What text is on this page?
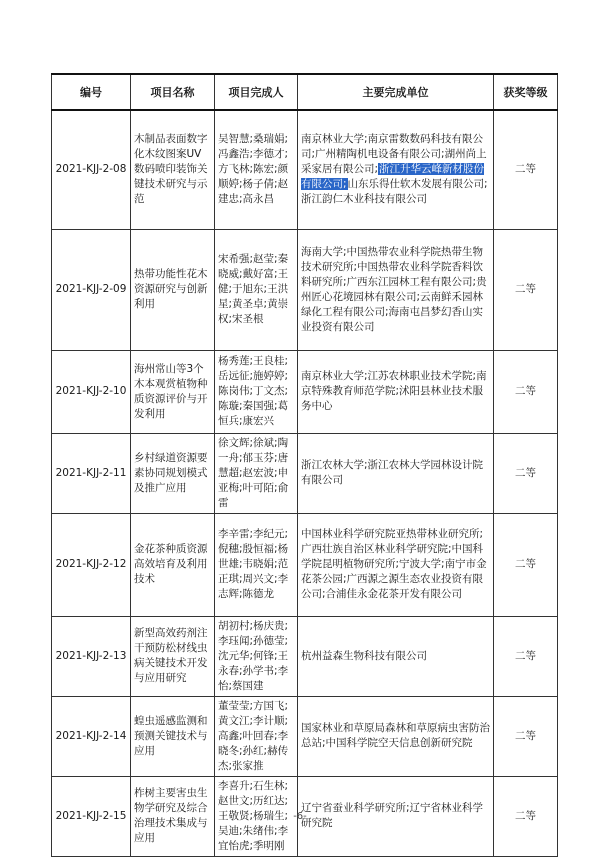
编号	项目名称	项目完成人	主要完成单位	获奖等级
2021-KJJ-2-08	木制品表面数字化木纹图案UV数码喷印装饰关键技术研究与示范	吴智慧;桑瑞娟;冯鑫浩;李德才;方飞林;陈宏;颜顺婷;杨子倩;赵建忠;高永昌	南京林业大学;南京雷数数码科技有限公司;广州精陶机电设备有限公司;湖州尚上采家居有限公司;浙江升华云峰新材股份有限公司;山东乐得仕软木发展有限公司;浙江韵仁木业科技有限公司	二等
2021-KJJ-2-09	热带功能性花木资源研究与创新利用	宋希强;赵莹;秦晓威;戴好富;王健;于旭东;王洪星;黄圣卓;黄崇权;宋圣根	海南大学;中国热带农业科学院热带生物技术研究所;中国热带农业科学院香料饮料研究所;广西东江园林工程有限公司;贵州匠心花境园林有限公司;云南鲜禾园林绿化工程有限公司;海南屯昌梦幻香山实业投资有限公司	二等
2021-KJJ-2-10	海州常山等3个木本观赏植物种质资源评价与开发利用	杨秀莲;王良桂;岳远征;施婷婷;陈岗伟;丁文杰;陈璇;秦国强;葛恒兵;康宏兴	南京林业大学;江苏农林职业技术学院;南京特殊教育师范学院;沭阳县林业技术服务中心	二等
2021-KJJ-2-11	乡村绿道资源要素协同规划模式及推广应用	徐文辉;徐斌;陶一舟;郁玉芬;唐慧超;赵宏波;申亚梅;叶可陌;俞雷	浙江农林大学;浙江农林大学园林设计院有限公司	二等
2021-KJJ-2-12	金花茶种质资源高效培育及利用技术	李辛雷;李纪元;倪穗;殷恒福;杨世雄;韦晓娟;范正琪;周兴文;李志辉;陈德龙	中国林业科学研究院亚热带林业研究所;广西壮族自治区林业科学研究院;中国科学院昆明植物研究所;宁波大学;南宁市金花茶公园;广西源之源生态农业投资有限公司;合浦佳永金花茶开发有限公司	二等
2021-KJJ-2-13	新型高效药剂注干预防松材线虫病关键技术开发与应用研究	胡初村;杨庆贵;李珏闻;孙德莹;沈元华;何锋;王永春;孙学书;李怡;蔡国建	杭州益森生物科技有限公司	二等
2021-KJJ-2-14	蝗虫遥感监测和预测关键技术与应用	董莹莹;方国飞;黄文江;李计顺;高鑫;叶回春;李晓冬;孙红;赫传杰;张家推	国家林业和草原局森林和草原病虫害防治总站;中国科学院空天信息创新研究院	二等
2021-KJJ-2-15	柞树主要害虫生物学研究及综合治理技术集成与应用	李喜升;石生林;赵世文;历红达;王敬贤;杨瑞生;吴迪;朱绪伟;李宜怡虎;季明刚	辽宁省蚕业科学研究所;辽宁省林业科学研究院	二等
-6-
